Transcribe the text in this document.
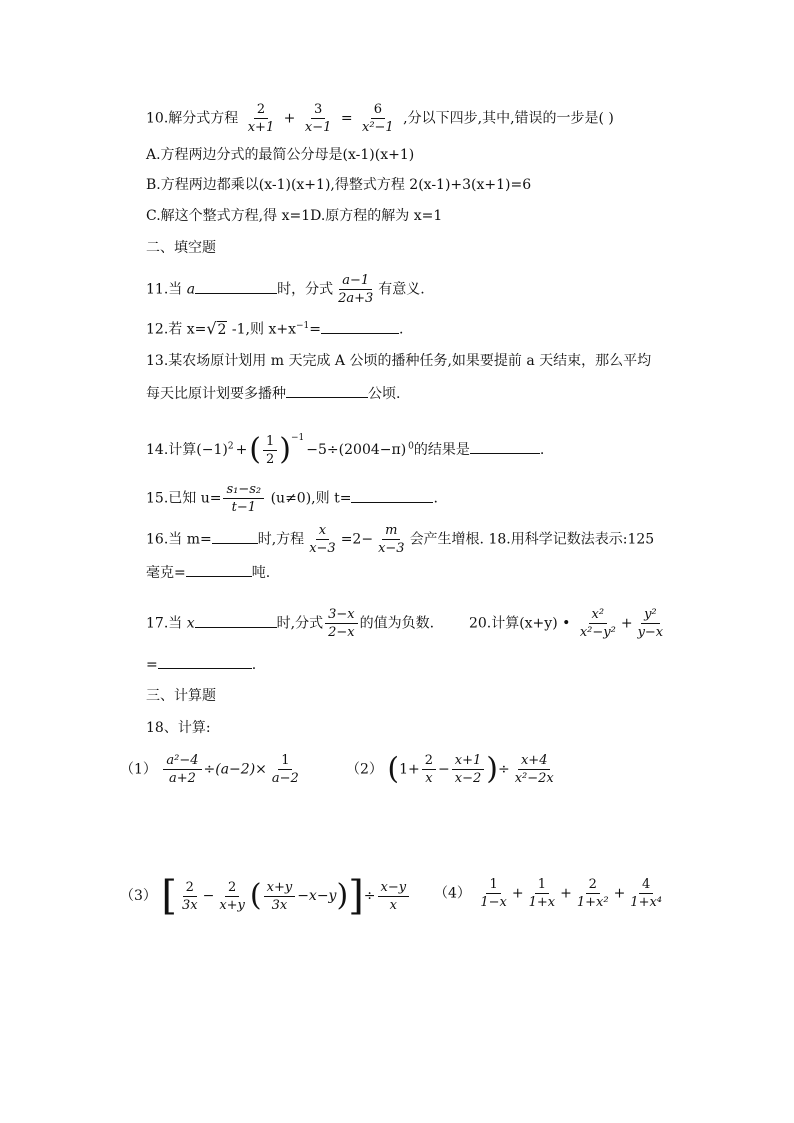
10.解分式方程 $\frac{2}{x+1} + \frac{3}{x-1} = \frac{6}{\text{x²−1}}$ ,分以下四步,其中,错误的一步是( )
A.方程两边分式的最简公分母是(x-1)(x+1)
B.方程两边都乘以(x-1)(x+1),得整式方程 2(x-1)+3(x+1)=6
C.解这个整式方程,得 x=1D.原方程的解为 x=1
二、填空题
11.当 a	时，分式 $\frac{a-1}{2a+3}$ 有意义.
12.若 x=√2 -1,则 $x+x^{-1}=$	.
13.某农场原计划用 m 天完成 A 公顷的播种任务,如果要提前 a 天结束，那么平均
每天比原计划要多播种	公顷.
14.计算$(-1)^2$ +( $\frac{1}{2} )^{-1}-5\div(2004-\pi)$ $^0$的结果是	.
15.已知 $u= \frac{\text{s₁−s₂}}{t-1} (u\ne 0)$,则 t=	.
16.当 m=	时,方程 $\frac{x}{x-3} =2- \frac{m}{x-3}$ 会产生增根. 18.用科学记数法表示:125
毫克=	吨.
17.当 x	时,分式 $\frac{3-x}{2-x}$ 的值为负数. 20.计算(x+y) • $\frac{\text{x²}}{\text{x²−y²}} + \frac{\text{y²}}{y-x}$
=	.
三、计算题
18、计算:
$(1) \frac{\text{a²−4}}{a+2} \div(a-2)\times \frac{1}{a-2}$	（2） ($1+ \frac{2}{x} - \frac{x+1}{x-2}$ )÷ $\frac{x+4}{\text{x²−2x}}$
（3） [ $\frac{2}{3x} - \frac{2}{x+y}$ ( $\frac{x+y}{3x} -x-y)]\div \frac{x-y}{x} (4) \frac{1}{1-x} + \frac{1}{1+x} + \frac{2}{\text{1+x²}} + \frac{4}{\text{1+x⁴}}$
